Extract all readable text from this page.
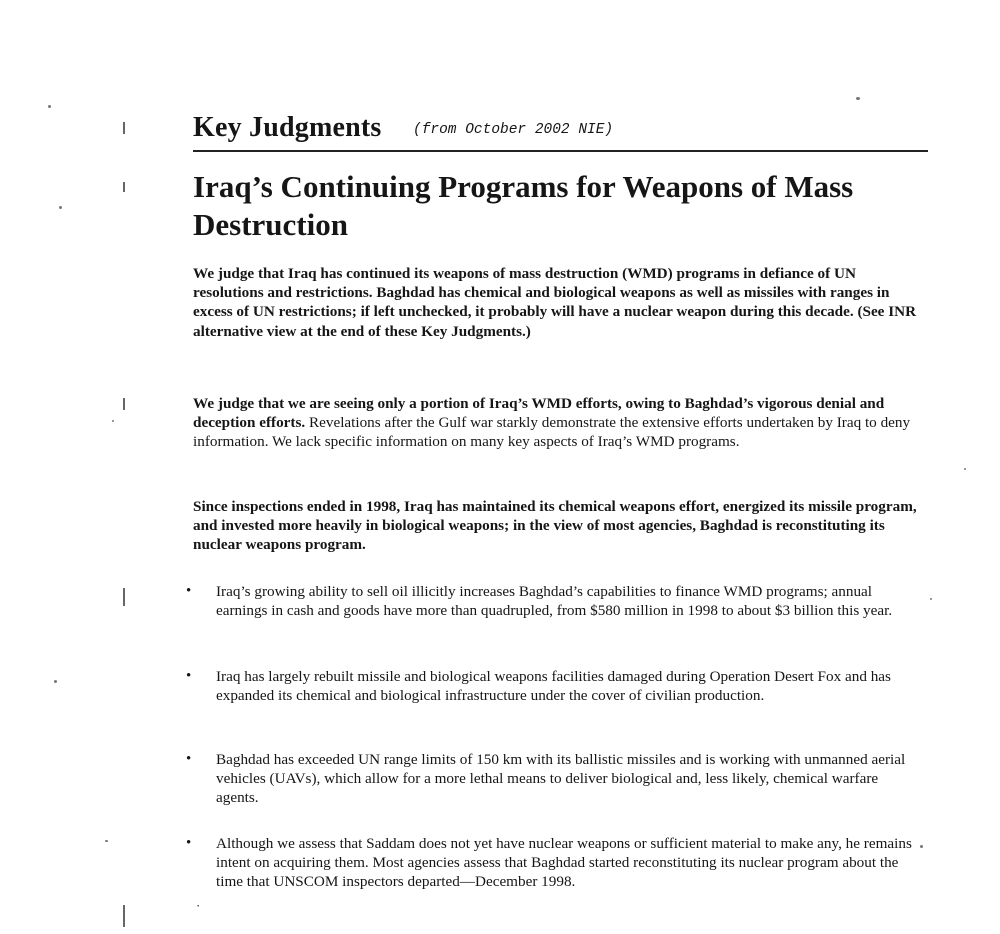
Key Judgments (from October 2002 NIE)
Iraq’s Continuing Programs for Weapons of Mass Destruction

We judge that Iraq has continued its weapons of mass destruction (WMD) programs in defiance of UN resolutions and restrictions. Baghdad has chemical and biological weapons as well as missiles with ranges in excess of UN restrictions; if left unchecked, it probably will have a nuclear weapon during this decade. (See INR alternative view at the end of these Key Judgments.)

We judge that we are seeing only a portion of Iraq’s WMD efforts, owing to Baghdad’s vigorous denial and deception efforts. Revelations after the Gulf war starkly demonstrate the extensive efforts undertaken by Iraq to deny information. We lack specific information on many key aspects of Iraq’s WMD programs.

Since inspections ended in 1998, Iraq has maintained its chemical weapons effort, energized its missile program, and invested more heavily in biological weapons; in the view of most agencies, Baghdad is reconstituting its nuclear weapons program.

• Iraq’s growing ability to sell oil illicitly increases Baghdad’s capabilities to finance WMD programs; annual earnings in cash and goods have more than quadrupled, from $580 million in 1998 to about $3 billion this year.

• Iraq has largely rebuilt missile and biological weapons facilities damaged during Operation Desert Fox and has expanded its chemical and biological infrastructure under the cover of civilian production.

• Baghdad has exceeded UN range limits of 150 km with its ballistic missiles and is working with unmanned aerial vehicles (UAVs), which allow for a more lethal means to deliver biological and, less likely, chemical warfare agents.

• Although we assess that Saddam does not yet have nuclear weapons or sufficient material to make any, he remains intent on acquiring them. Most agencies assess that Baghdad started reconstituting its nuclear program about the time that UNSCOM inspectors departed—December 1998.

·
